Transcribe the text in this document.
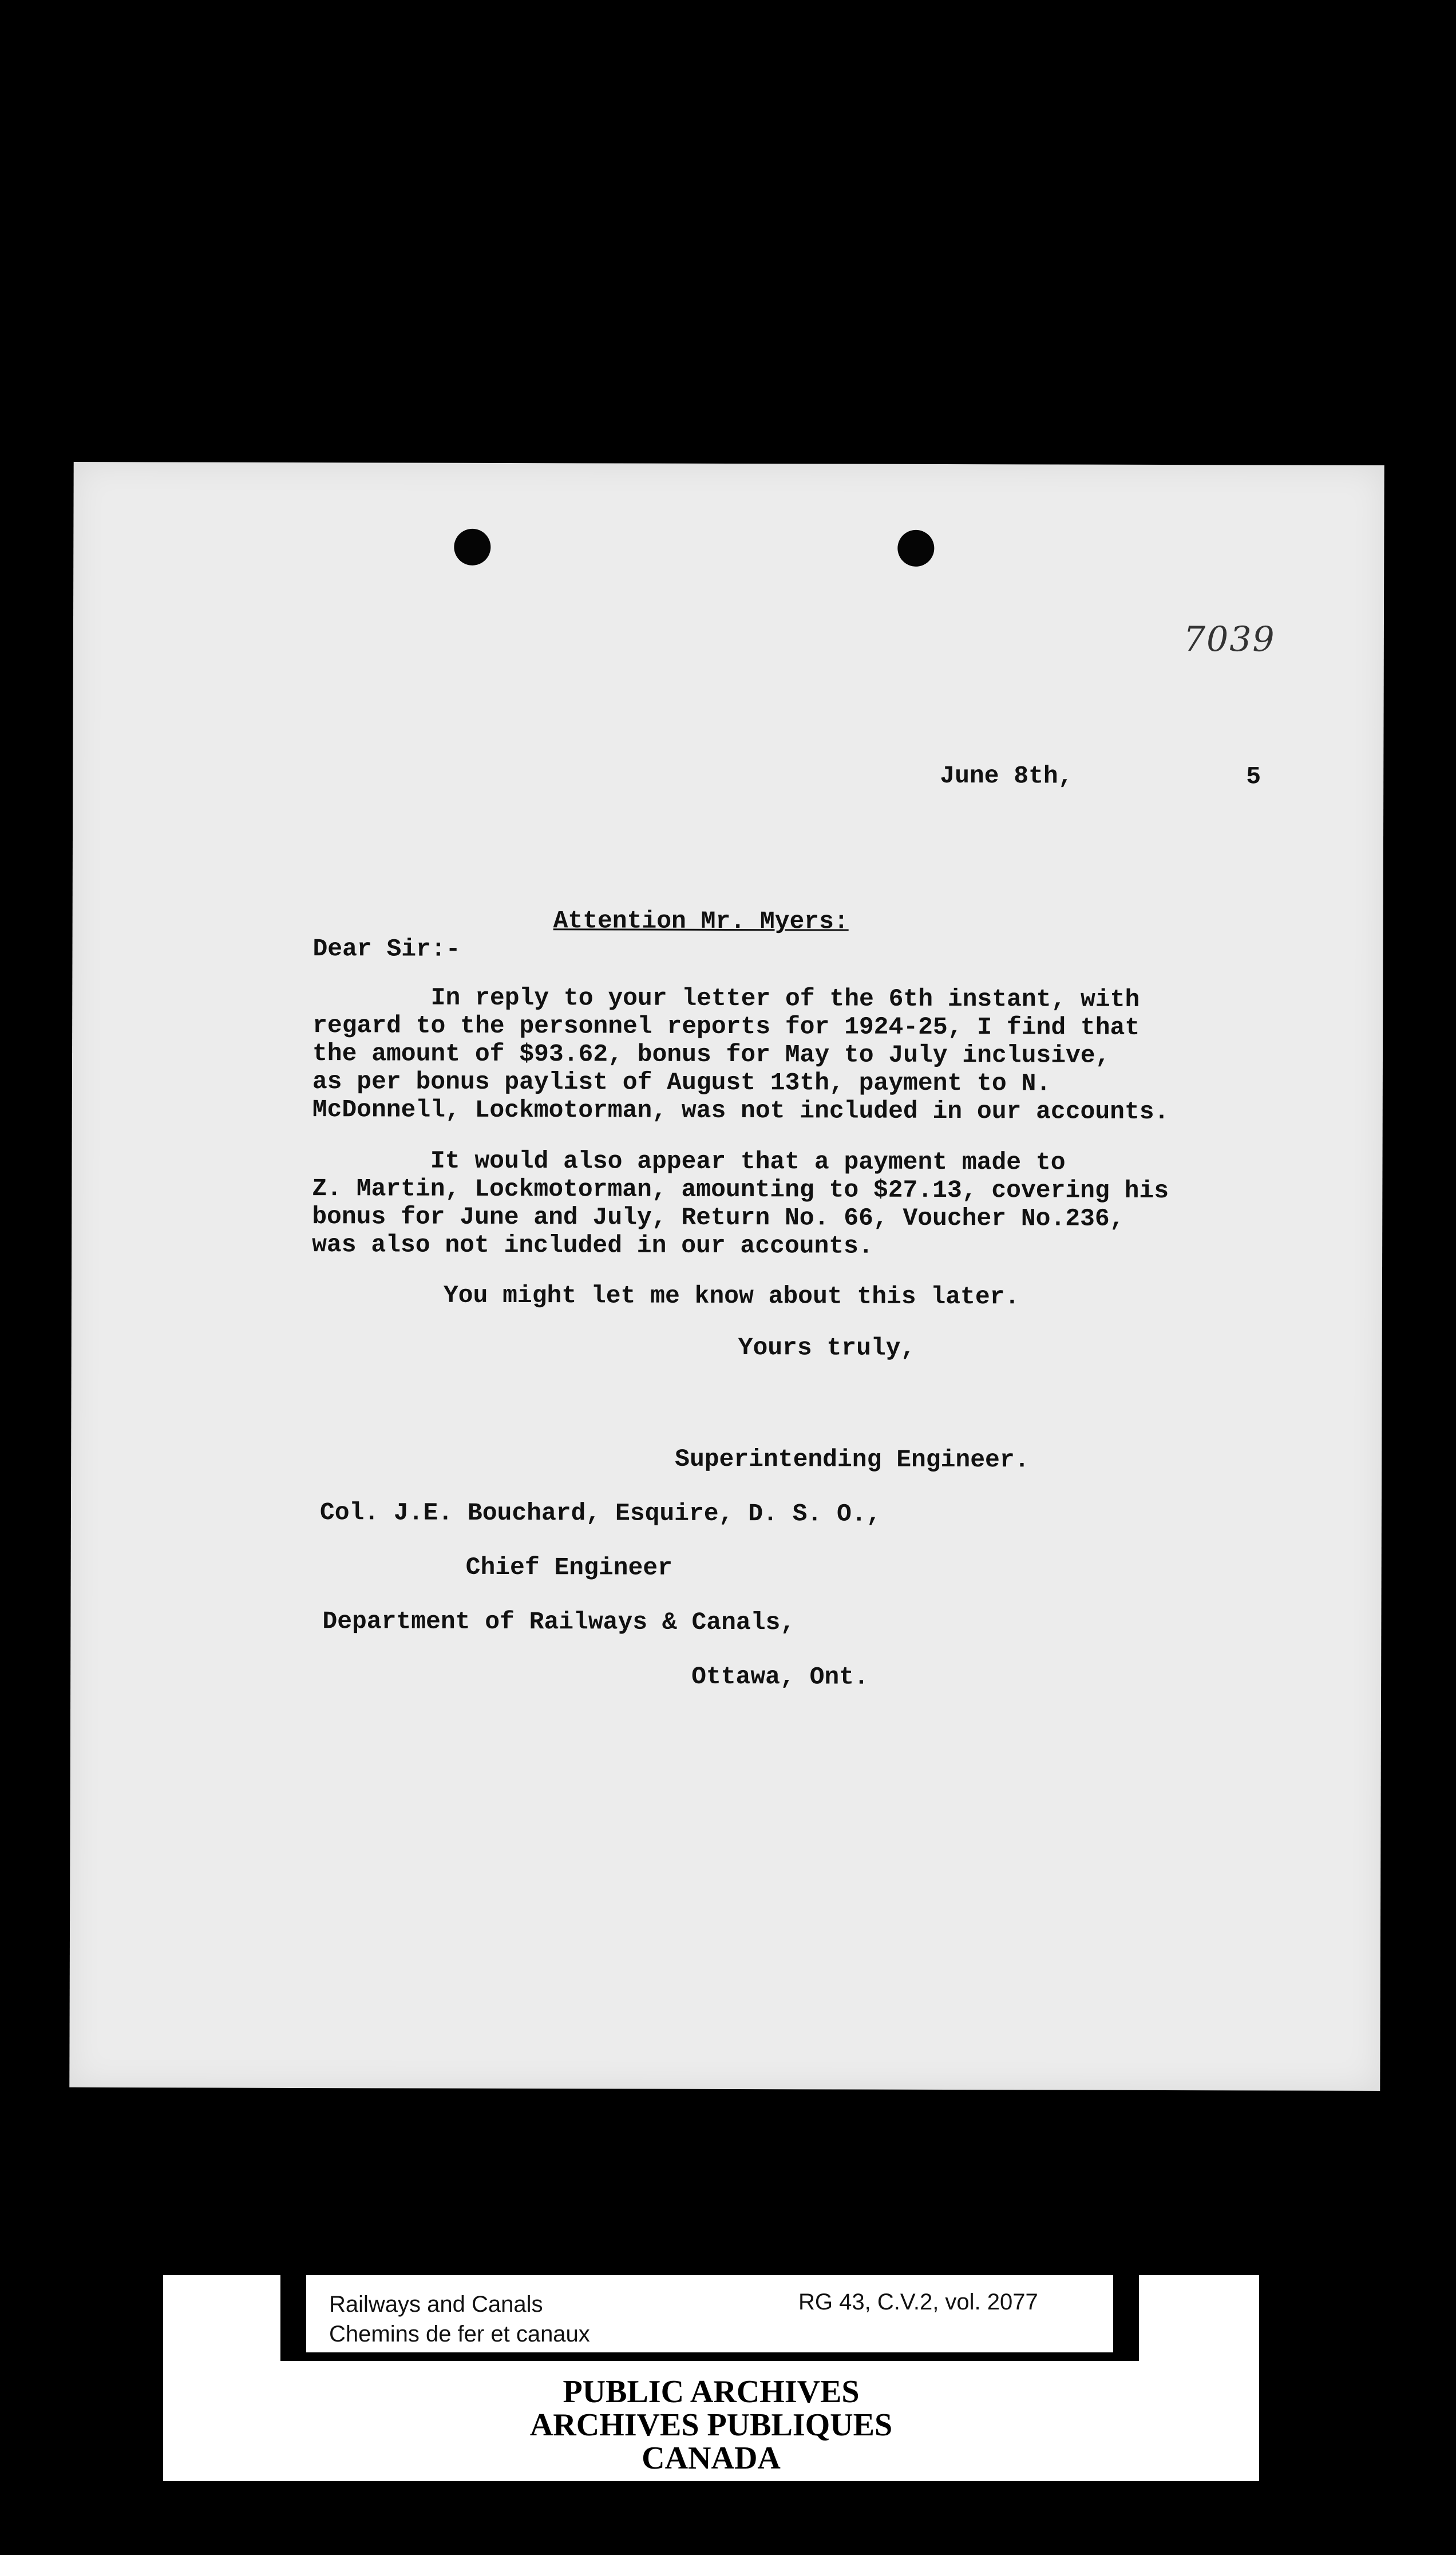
7039
June 8th,	5
Attention Mr. Myers:
Dear Sir:-
In reply to your letter of the 6th instant, with
regard to the personnel reports for 1924-25, I find that
the amount of $93.62, bonus for May to July inclusive,
as per bonus paylist of August 13th, payment to N.
McDonnell, Lockmotorman, was not included in our accounts.
It would also appear that a payment made to
Z. Martin, Lockmotorman, amounting to $27.13, covering his
bonus for June and July, Return No. 66, Voucher No.236,
was also not included in our accounts.
You might let me know about this later.
Yours truly,
Superintending Engineer.
Col. J.E. Bouchard, Esquire, D. S. O.,
Chief Engineer
Department of Railways & Canals,
Ottawa, Ont.
Railways and Canals
Chemins de fer et canaux
RG 43, C.V.2, vol. 2077
PUBLIC ARCHIVES
ARCHIVES PUBLIQUES
CANADA
